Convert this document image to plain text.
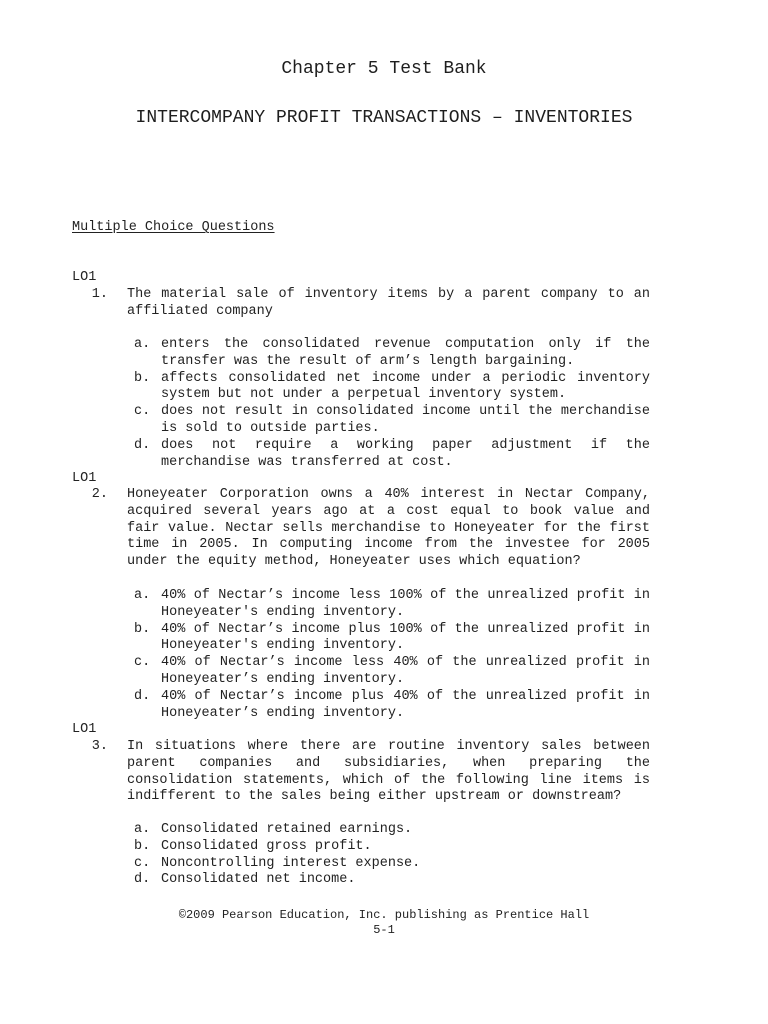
Chapter 5 Test Bank
INTERCOMPANY PROFIT TRANSACTIONS – INVENTORIES
Multiple Choice Questions
LO1
1. The material sale of inventory items by a parent company to an affiliated company
a. enters the consolidated revenue computation only if the transfer was the result of arm’s length bargaining.
b. affects consolidated net income under a periodic inventory system but not under a perpetual inventory system.
c. does not result in consolidated income until the merchandise is sold to outside parties.
d. does not require a working paper adjustment if the merchandise was transferred at cost.
LO1
2. Honeyeater Corporation owns a 40% interest in Nectar Company, acquired several years ago at a cost equal to book value and fair value. Nectar sells merchandise to Honeyeater for the first time in 2005. In computing income from the investee for 2005 under the equity method, Honeyeater uses which equation?
a. 40% of Nectar’s income less 100% of the unrealized profit in Honeyeater's ending inventory.
b. 40% of Nectar’s income plus 100% of the unrealized profit in Honeyeater's ending inventory.
c. 40% of Nectar’s income less 40% of the unrealized profit in Honeyeater’s ending inventory.
d. 40% of Nectar’s income plus 40% of the unrealized profit in Honeyeater’s ending inventory.
LO1
3. In situations where there are routine inventory sales between parent companies and subsidiaries, when preparing the consolidation statements, which of the following line items is indifferent to the sales being either upstream or downstream?
a. Consolidated retained earnings.
b. Consolidated gross profit.
c. Noncontrolling interest expense.
d. Consolidated net income.
©2009 Pearson Education, Inc. publishing as Prentice Hall
5-1
